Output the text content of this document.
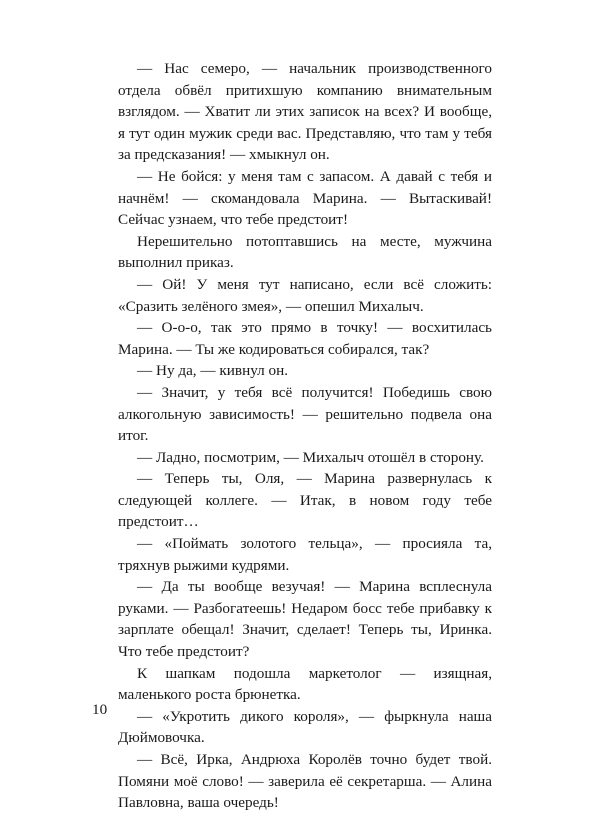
— Нас семеро, — начальник производственного отдела обвёл притихшую компанию внимательным взглядом. — Хватит ли этих записок на всех? И вообще, я тут один мужик среди вас. Представляю, что там у тебя за предсказания! — хмыкнул он.

— Не бойся: у меня там с запасом. А давай с тебя и начнём! — скомандовала Марина. — Вытаскивай! Сейчас узнаем, что тебе предстоит!

Нерешительно потоптавшись на месте, мужчина выполнил приказ.

— Ой! У меня тут написано, если всё сложить: «Сразить зелёного змея», — опешил Михалыч.

— О-о-о, так это прямо в точку! — восхитилась Марина. — Ты же кодироваться собирался, так?

— Ну да, — кивнул он.

— Значит, у тебя всё получится! Победишь свою алкогольную зависимость! — решительно подвела она итог.

— Ладно, посмотрим, — Михалыч отошёл в сторону.

— Теперь ты, Оля, — Марина развернулась к следующей коллеге. — Итак, в новом году тебе предстоит…

— «Поймать золотого тельца», — просияла та, тряхнув рыжими кудрями.

— Да ты вообще везучая! — Марина всплеснула руками. — Разбогатеешь! Недаром босс тебе прибавку к зарплате обещал! Значит, сделает! Теперь ты, Иринка. Что тебе предстоит?

К шапкам подошла маркетолог — изящная, маленького роста брюнетка.

— «Укротить дикого короля», — фыркнула наша Дюймовочка.

— Всё, Ирка, Андрюха Королёв точно будет твой. Помяни моё слово! — заверила её секретарша. — Алина Павловна, ваша очередь!

10
